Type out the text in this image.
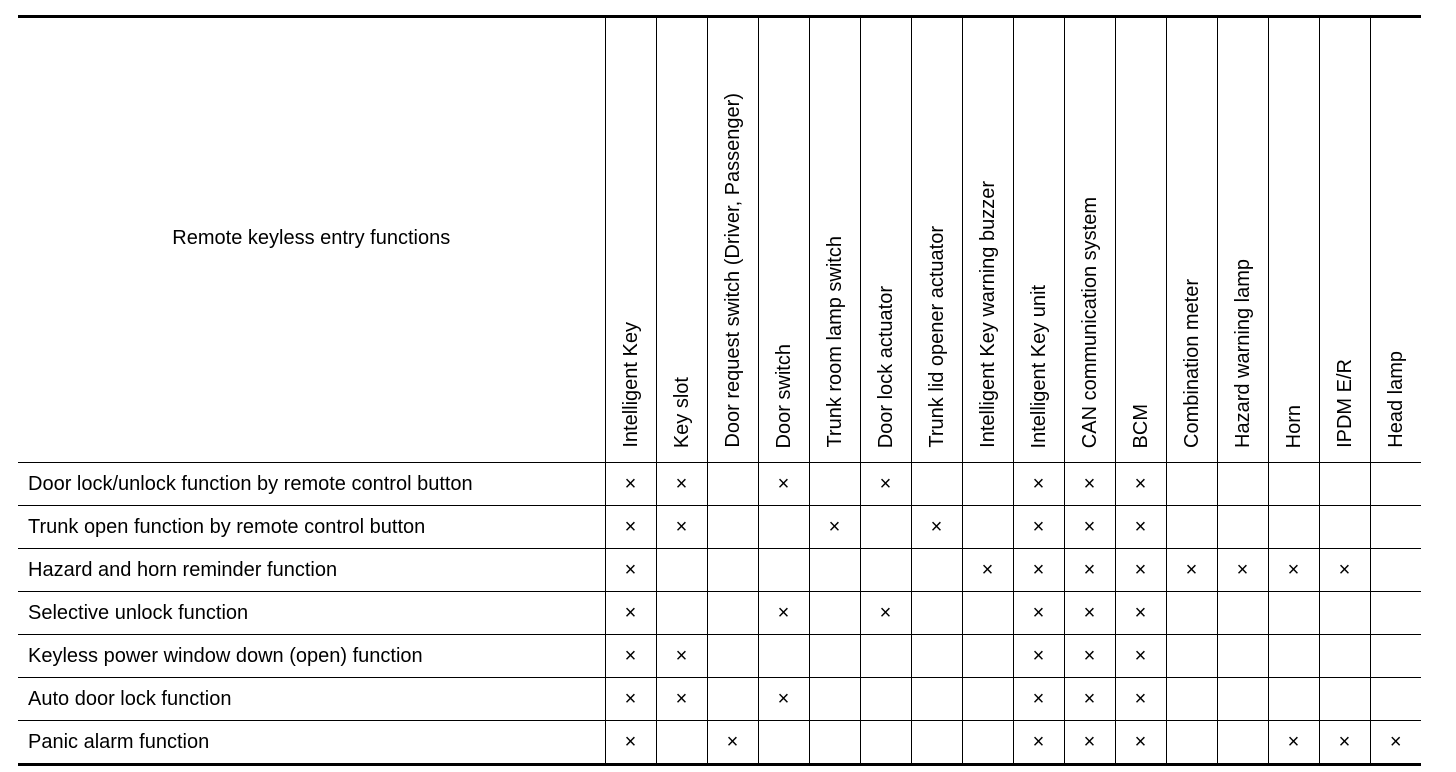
Remote keyless entry functions	Intelligent Key	Key slot	Door request switch (Driver, Passenger)	Door switch	Trunk room lamp switch	Door lock actuator	Trunk lid opener actuator	Intelligent Key warning buzzer	Intelligent Key unit	CAN communication system	BCM	Combination meter	Hazard warning lamp	Horn	IPDM E/R	Head lamp

Door lock/unlock function by remote control button	×	×		×		×			×	×	×					
Trunk open function by remote control button	×	×			×		×		×	×	×					
Hazard and horn reminder function	×							×	×	×	×	×	×	×	×	
Selective unlock function	×			×		×			×	×	×					
Keyless power window down (open) function	×	×							×	×	×					
Auto door lock function	×	×		×					×	×	×					
Panic alarm function	×		×						×	×	×			×	×	×
